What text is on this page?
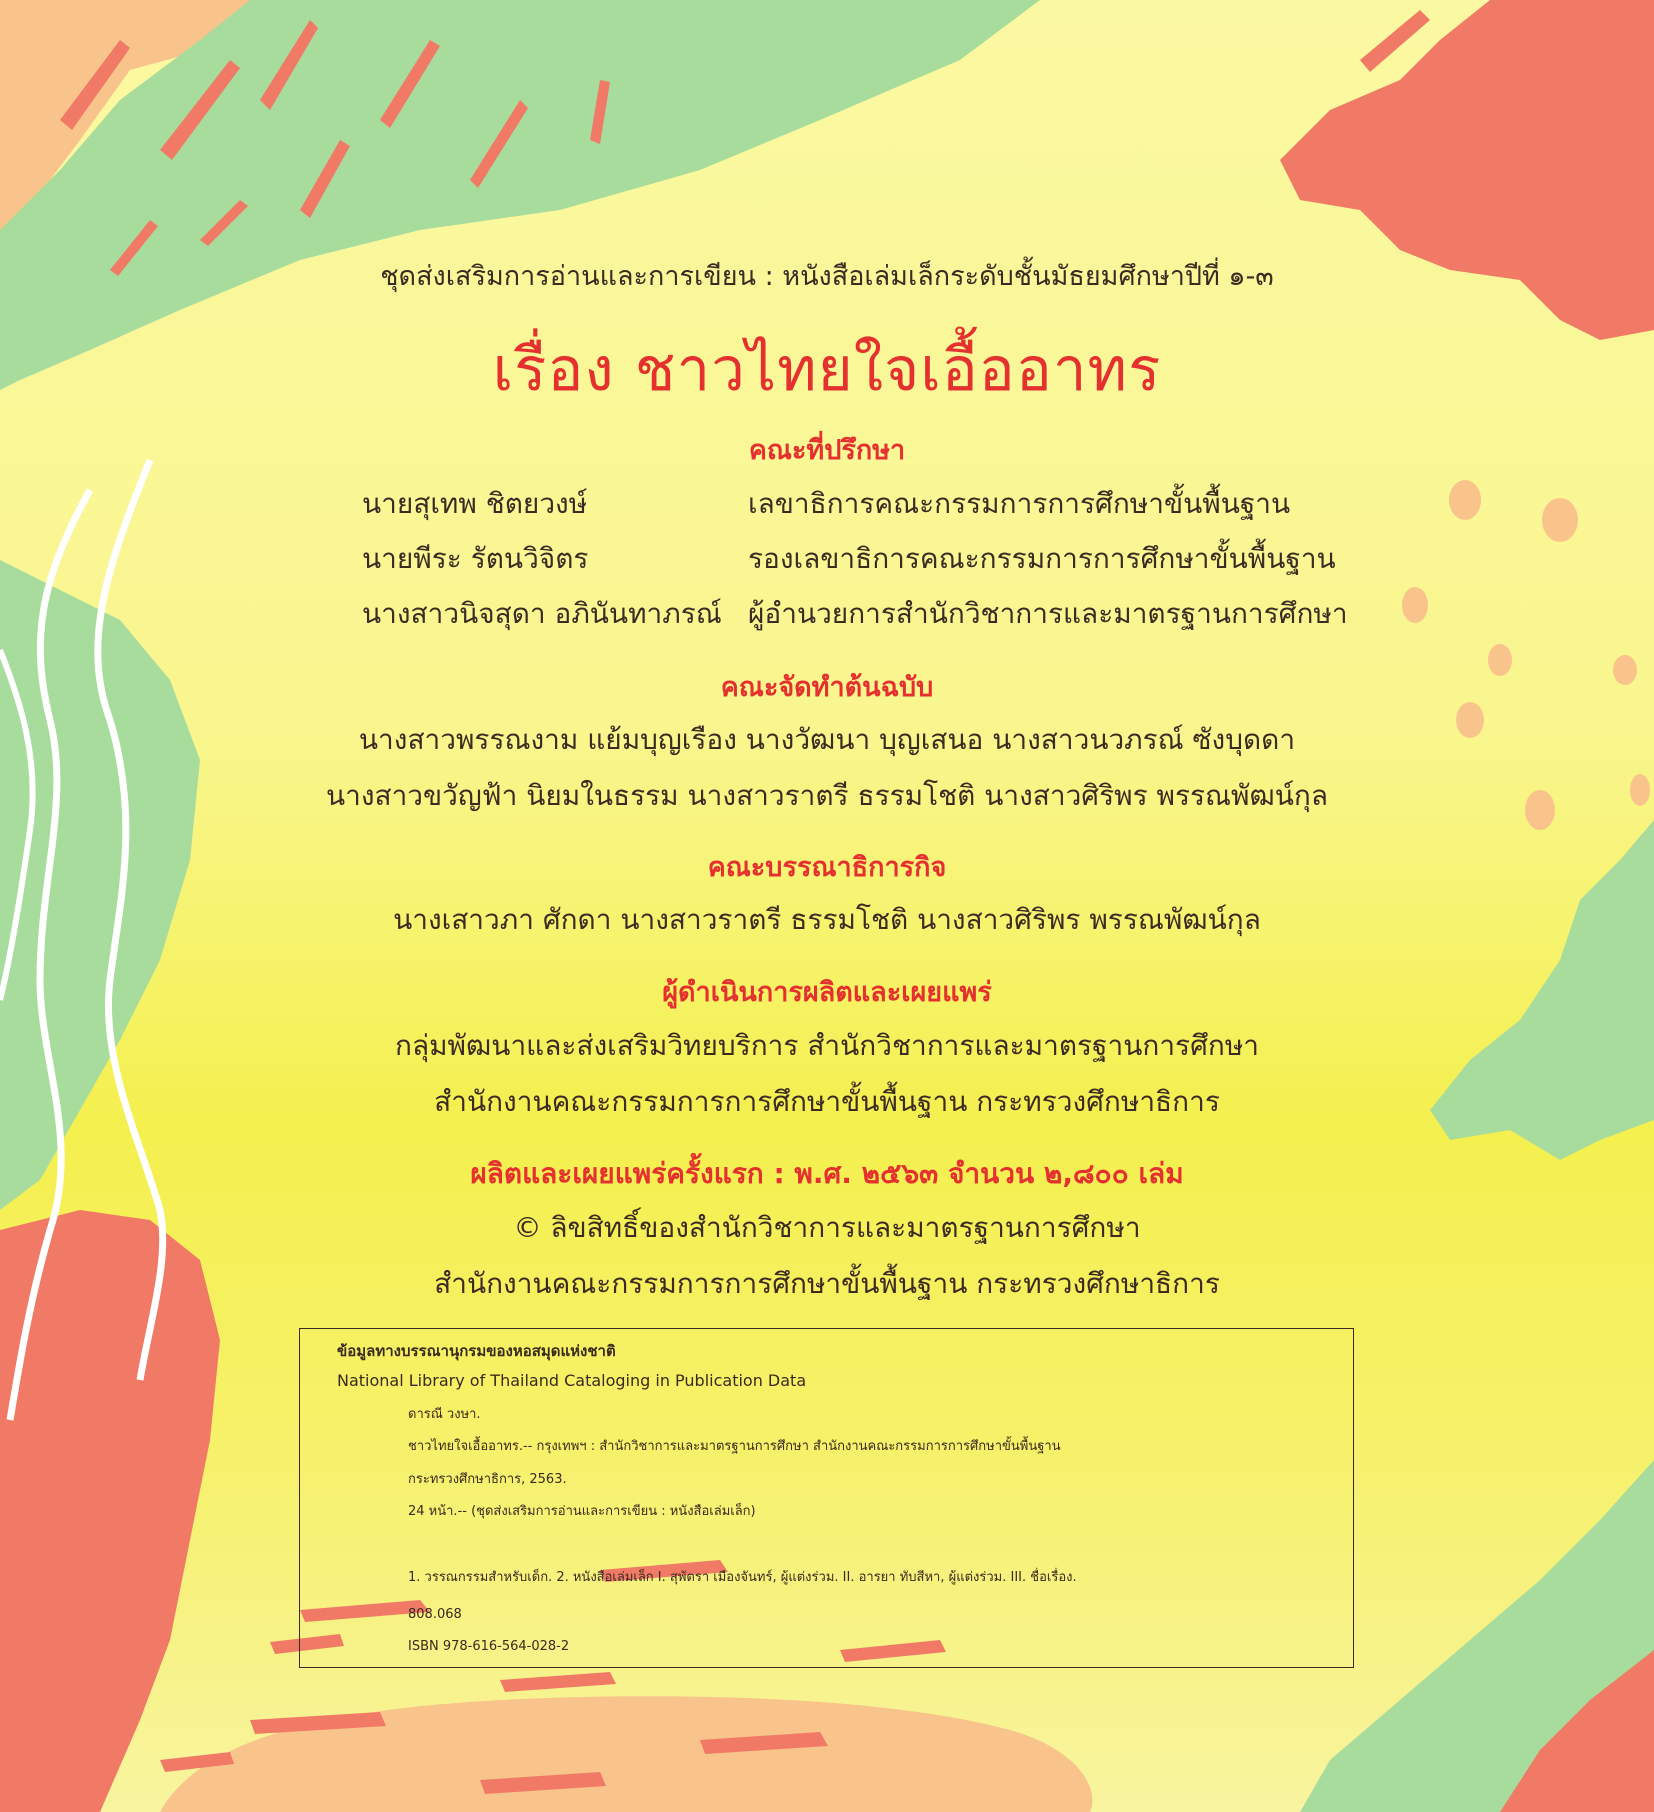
ชุดส่งเสริมการอ่านและการเขียน : หนังสือเล่มเล็กระดับชั้นมัธยมศึกษาปีที่ ๑-๓
เรื่อง ชาวไทยใจเอื้ออาทร
คณะที่ปรึกษา
นายสุเทพ ชิตยวงษ์	เลขาธิการคณะกรรมการการศึกษาขั้นพื้นฐาน
นายพีระ รัตนวิจิตร	รองเลขาธิการคณะกรรมการการศึกษาขั้นพื้นฐาน
นางสาวนิจสุดา อภินันทาภรณ์ ผู้อำนวยการสำนักวิชาการและมาตรฐานการศึกษา
คณะจัดทำต้นฉบับ
นางสาวพรรณงาม แย้มบุญเรือง นางวัฒนา บุญเสนอ นางสาวนวภรณ์ ซังบุดดา
นางสาวขวัญฟ้า นิยมในธรรม นางสาวราตรี ธรรมโชติ นางสาวศิริพร พรรณพัฒน์กุล
คณะบรรณาธิการกิจ
นางเสาวภา ศักดา นางสาวราตรี ธรรมโชติ นางสาวศิริพร พรรณพัฒน์กุล
ผู้ดำเนินการผลิตและเผยแพร่
กลุ่มพัฒนาและส่งเสริมวิทยบริการ สำนักวิชาการและมาตรฐานการศึกษา
สำนักงานคณะกรรมการการศึกษาขั้นพื้นฐาน กระทรวงศึกษาธิการ
ผลิตและเผยแพร่ครั้งแรก : พ.ศ. ๒๕๖๓ จำนวน ๒,๘๐๐ เล่ม
© ลิขสิทธิ์ของสำนักวิชาการและมาตรฐานการศึกษา
สำนักงานคณะกรรมการการศึกษาขั้นพื้นฐาน กระทรวงศึกษาธิการ
ข้อมูลทางบรรณานุกรมของหอสมุดแห่งชาติ
National Library of Thailand Cataloging in Publication Data
ดารณี วงษา.
ชาวไทยใจเอื้ออาทร.-- กรุงเทพฯ : สำนักวิชาการและมาตรฐานการศึกษา สำนักงานคณะกรรมการการศึกษาขั้นพื้นฐาน
กระทรวงศึกษาธิการ, 2563.
24 หน้า.-- (ชุดส่งเสริมการอ่านและการเขียน : หนังสือเล่มเล็ก)
1. วรรณกรรมสำหรับเด็ก. 2. หนังสือเล่มเล็ก I. สุพัตรา เมืองจันทร์, ผู้แต่งร่วม. II. อารยา ทับสีหา, ผู้แต่งร่วม. III. ชื่อเรื่อง.
808.068
ISBN 978-616-564-028-2
